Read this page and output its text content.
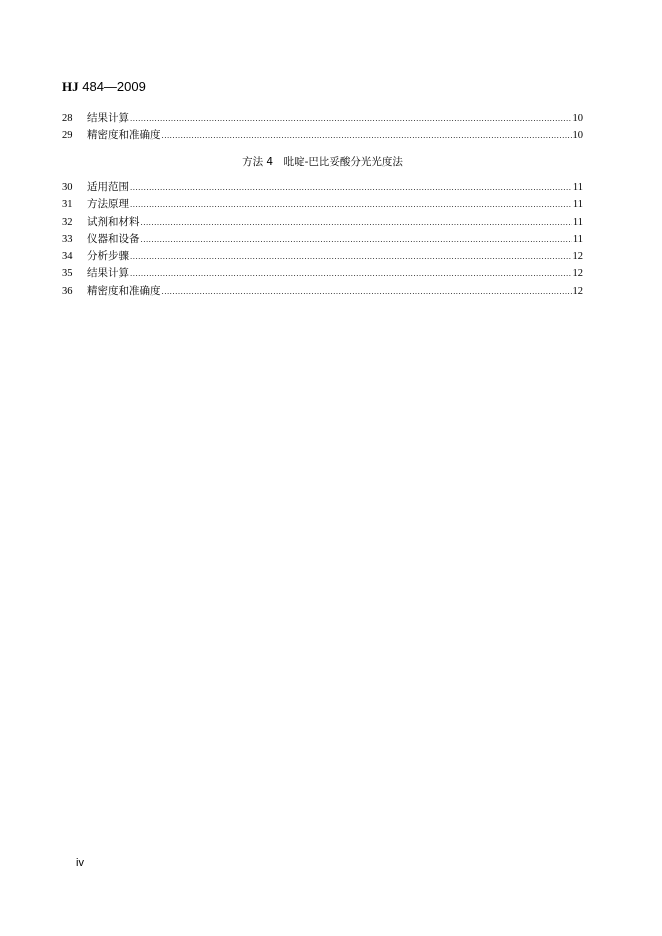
HJ 484—2009
28	结果计算 .....	10
29	精密度和准确度 .....	10
方法 4　吡啶-巴比妥酸分光光度法
30	适用范围 .....	11
31	方法原理 .....	11
32	试剂和材料 .....	11
33	仪器和设备 .....	11
34	分析步骤 .....	12
35	结果计算 .....	12
36	精密度和准确度 .....	12
iv
